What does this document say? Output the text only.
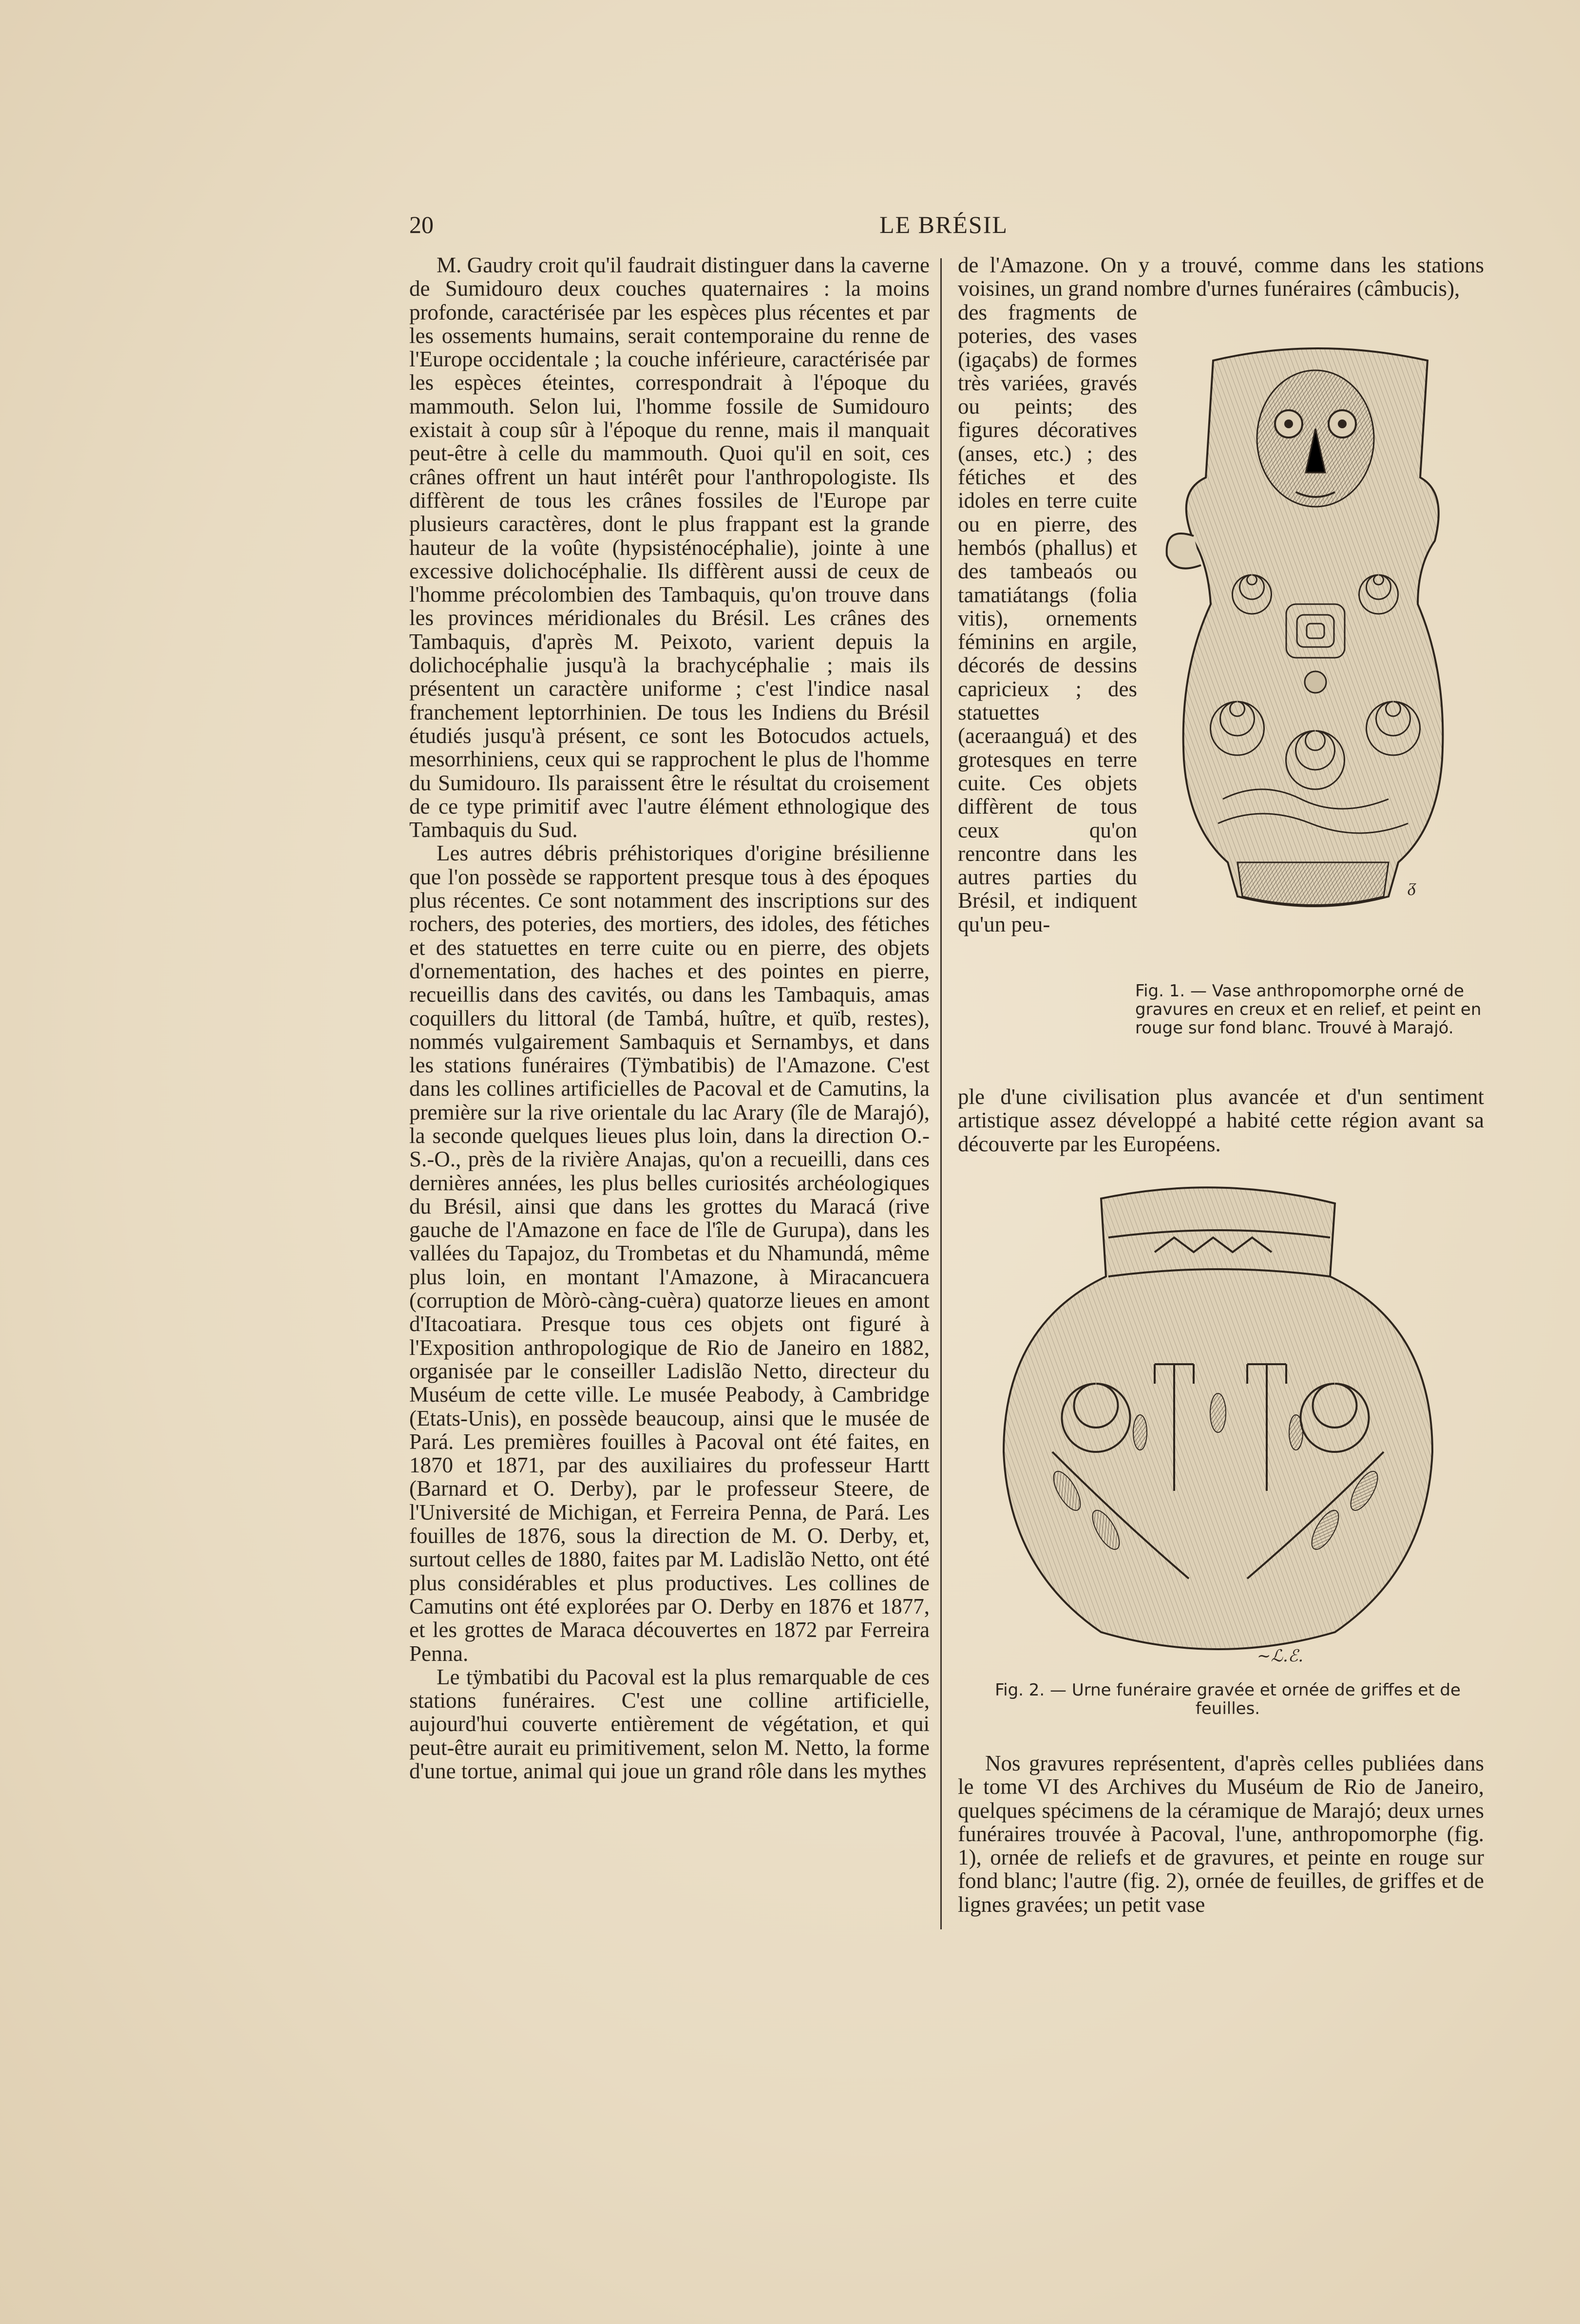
20	LE BRÉSIL

M. Gaudry croit qu'il faudrait distinguer dans la caverne de Sumidouro deux couches quaternaires : la moins profonde, caractérisée par les espèces plus récentes et par les ossements humains, serait contemporaine du renne de l'Europe occidentale ; la couche inférieure, caractérisée par les espèces éteintes, correspondrait à l'époque du mammouth. Selon lui, l'homme fossile de Sumidouro existait à coup sûr à l'époque du renne, mais il manquait peut-être à celle du mammouth. Quoi qu'il en soit, ces crânes offrent un haut intérêt pour l'anthropologiste. Ils diffèrent de tous les crânes fossiles de l'Europe par plusieurs caractères, dont le plus frappant est la grande hauteur de la voûte (hypsisténocéphalie), jointe à une excessive dolichocéphalie. Ils diffèrent aussi de ceux de l'homme précolombien des Tambaquis, qu'on trouve dans les provinces méridionales du Brésil. Les crânes des Tambaquis, d'après M. Peixoto, varient depuis la dolichocéphalie jusqu'à la brachycéphalie ; mais ils présentent un caractère uniforme ; c'est l'indice nasal franchement leptorrhinien. De tous les Indiens du Brésil étudiés jusqu'à présent, ce sont les Botocudos actuels, mesorrhiniens, ceux qui se rapprochent le plus de l'homme du Sumidouro. Ils paraissent être le résultat du croisement de ce type primitif avec l'autre élément ethnologique des Tambaquis du Sud.

Les autres débris préhistoriques d'origine brésilienne que l'on possède se rapportent presque tous à des époques plus récentes. Ce sont notamment des inscriptions sur des rochers, des poteries, des mortiers, des idoles, des fétiches et des statuettes en terre cuite ou en pierre, des objets d'ornementation, des haches et des pointes en pierre, recueillis dans des cavités, ou dans les Tambaquis, amas coquillers du littoral (de Tambá, huître, et quïb, restes), nommés vulgairement Sambaquis et Sernambys, et dans les stations funéraires (Tÿmbatibis) de l'Amazone. C'est dans les collines artificielles de Pacoval et de Camutins, la première sur la rive orientale du lac Arary (île de Marajó), la seconde quelques lieues plus loin, dans la direction O.-S.-O., près de la rivière Anajas, qu'on a recueilli, dans ces dernières années, les plus belles curiosités archéologiques du Brésil, ainsi que dans les grottes du Maracá (rive gauche de l'Amazone en face de l'île de Gurupa), dans les vallées du Tapajoz, du Trombetas et du Nhamundá, même plus loin, en montant l'Amazone, à Miracancuera (corruption de Mòrò-càng-cuèra) quatorze lieues en amont d'Itacoatiara. Presque tous ces objets ont figuré à l'Exposition anthropologique de Rio de Janeiro en 1882, organisée par le conseiller Ladislão Netto, directeur du Muséum de cette ville. Le musée Peabody, à Cambridge (Etats-Unis), en possède beaucoup, ainsi que le musée de Pará. Les premières fouilles à Pacoval ont été faites, en 1870 et 1871, par des auxiliaires du professeur Hartt (Barnard et O. Derby), par le professeur Steere, de l'Université de Michigan, et Ferreira Penna, de Pará. Les fouilles de 1876, sous la direction de M. O. Derby, et, surtout celles de 1880, faites par M. Ladislão Netto, ont été plus considérables et plus productives. Les collines de Camutins ont été explorées par O. Derby en 1876 et 1877, et les grottes de Maraca découvertes en 1872 par Ferreira Penna.

Le tÿmbatibi du Pacoval est la plus remarquable de ces stations funéraires. C'est une colline artificielle, aujourd'hui couverte entièrement de végétation, et qui peut-être aurait eu primitivement, selon M. Netto, la forme d'une tortue, animal qui joue un grand rôle dans les mythes

de l'Amazone. On y a trouvé, comme dans les stations voisines, un grand nombre d'urnes funéraires (câmbucis),

des fragments de poteries, des vases (igaçabs) de formes très variées, gravés ou peints; des figures décoratives (anses, etc.) ; des fétiches et des idoles en terre cuite ou en pierre, des hembós (phallus) et des tambeaós ou tamatiátangs (folia vitis), ornements féminins en argile, décorés de dessins capricieux ; des statuettes (aceraanguá) et des grotesques en terre cuite. Ces objets diffèrent de tous ceux qu'on rencontre dans les autres parties du Brésil, et indiquent qu'un peu-

ᵹ
Fig. 1. — Vase anthropomorphe orné de gravures en creux et en relief, et peint en rouge sur fond blanc. Trouvé à Marajó.

ple d'une civilisation plus avancée et d'un sentiment artistique assez développé a habité cette région avant sa découverte par les Européens.

~ℒ.ℰ.
Fig. 2. — Urne funéraire gravée et ornée de griffes et de feuilles.

Nos gravures représentent, d'après celles publiées dans le tome VI des Archives du Muséum de Rio de Janeiro, quelques spécimens de la céramique de Marajó; deux urnes funéraires trouvée à Pacoval, l'une, anthropomorphe (fig. 1), ornée de reliefs et de gravures, et peinte en rouge sur fond blanc; l'autre (fig. 2), ornée de feuilles, de griffes et de lignes gravées; un petit vase
